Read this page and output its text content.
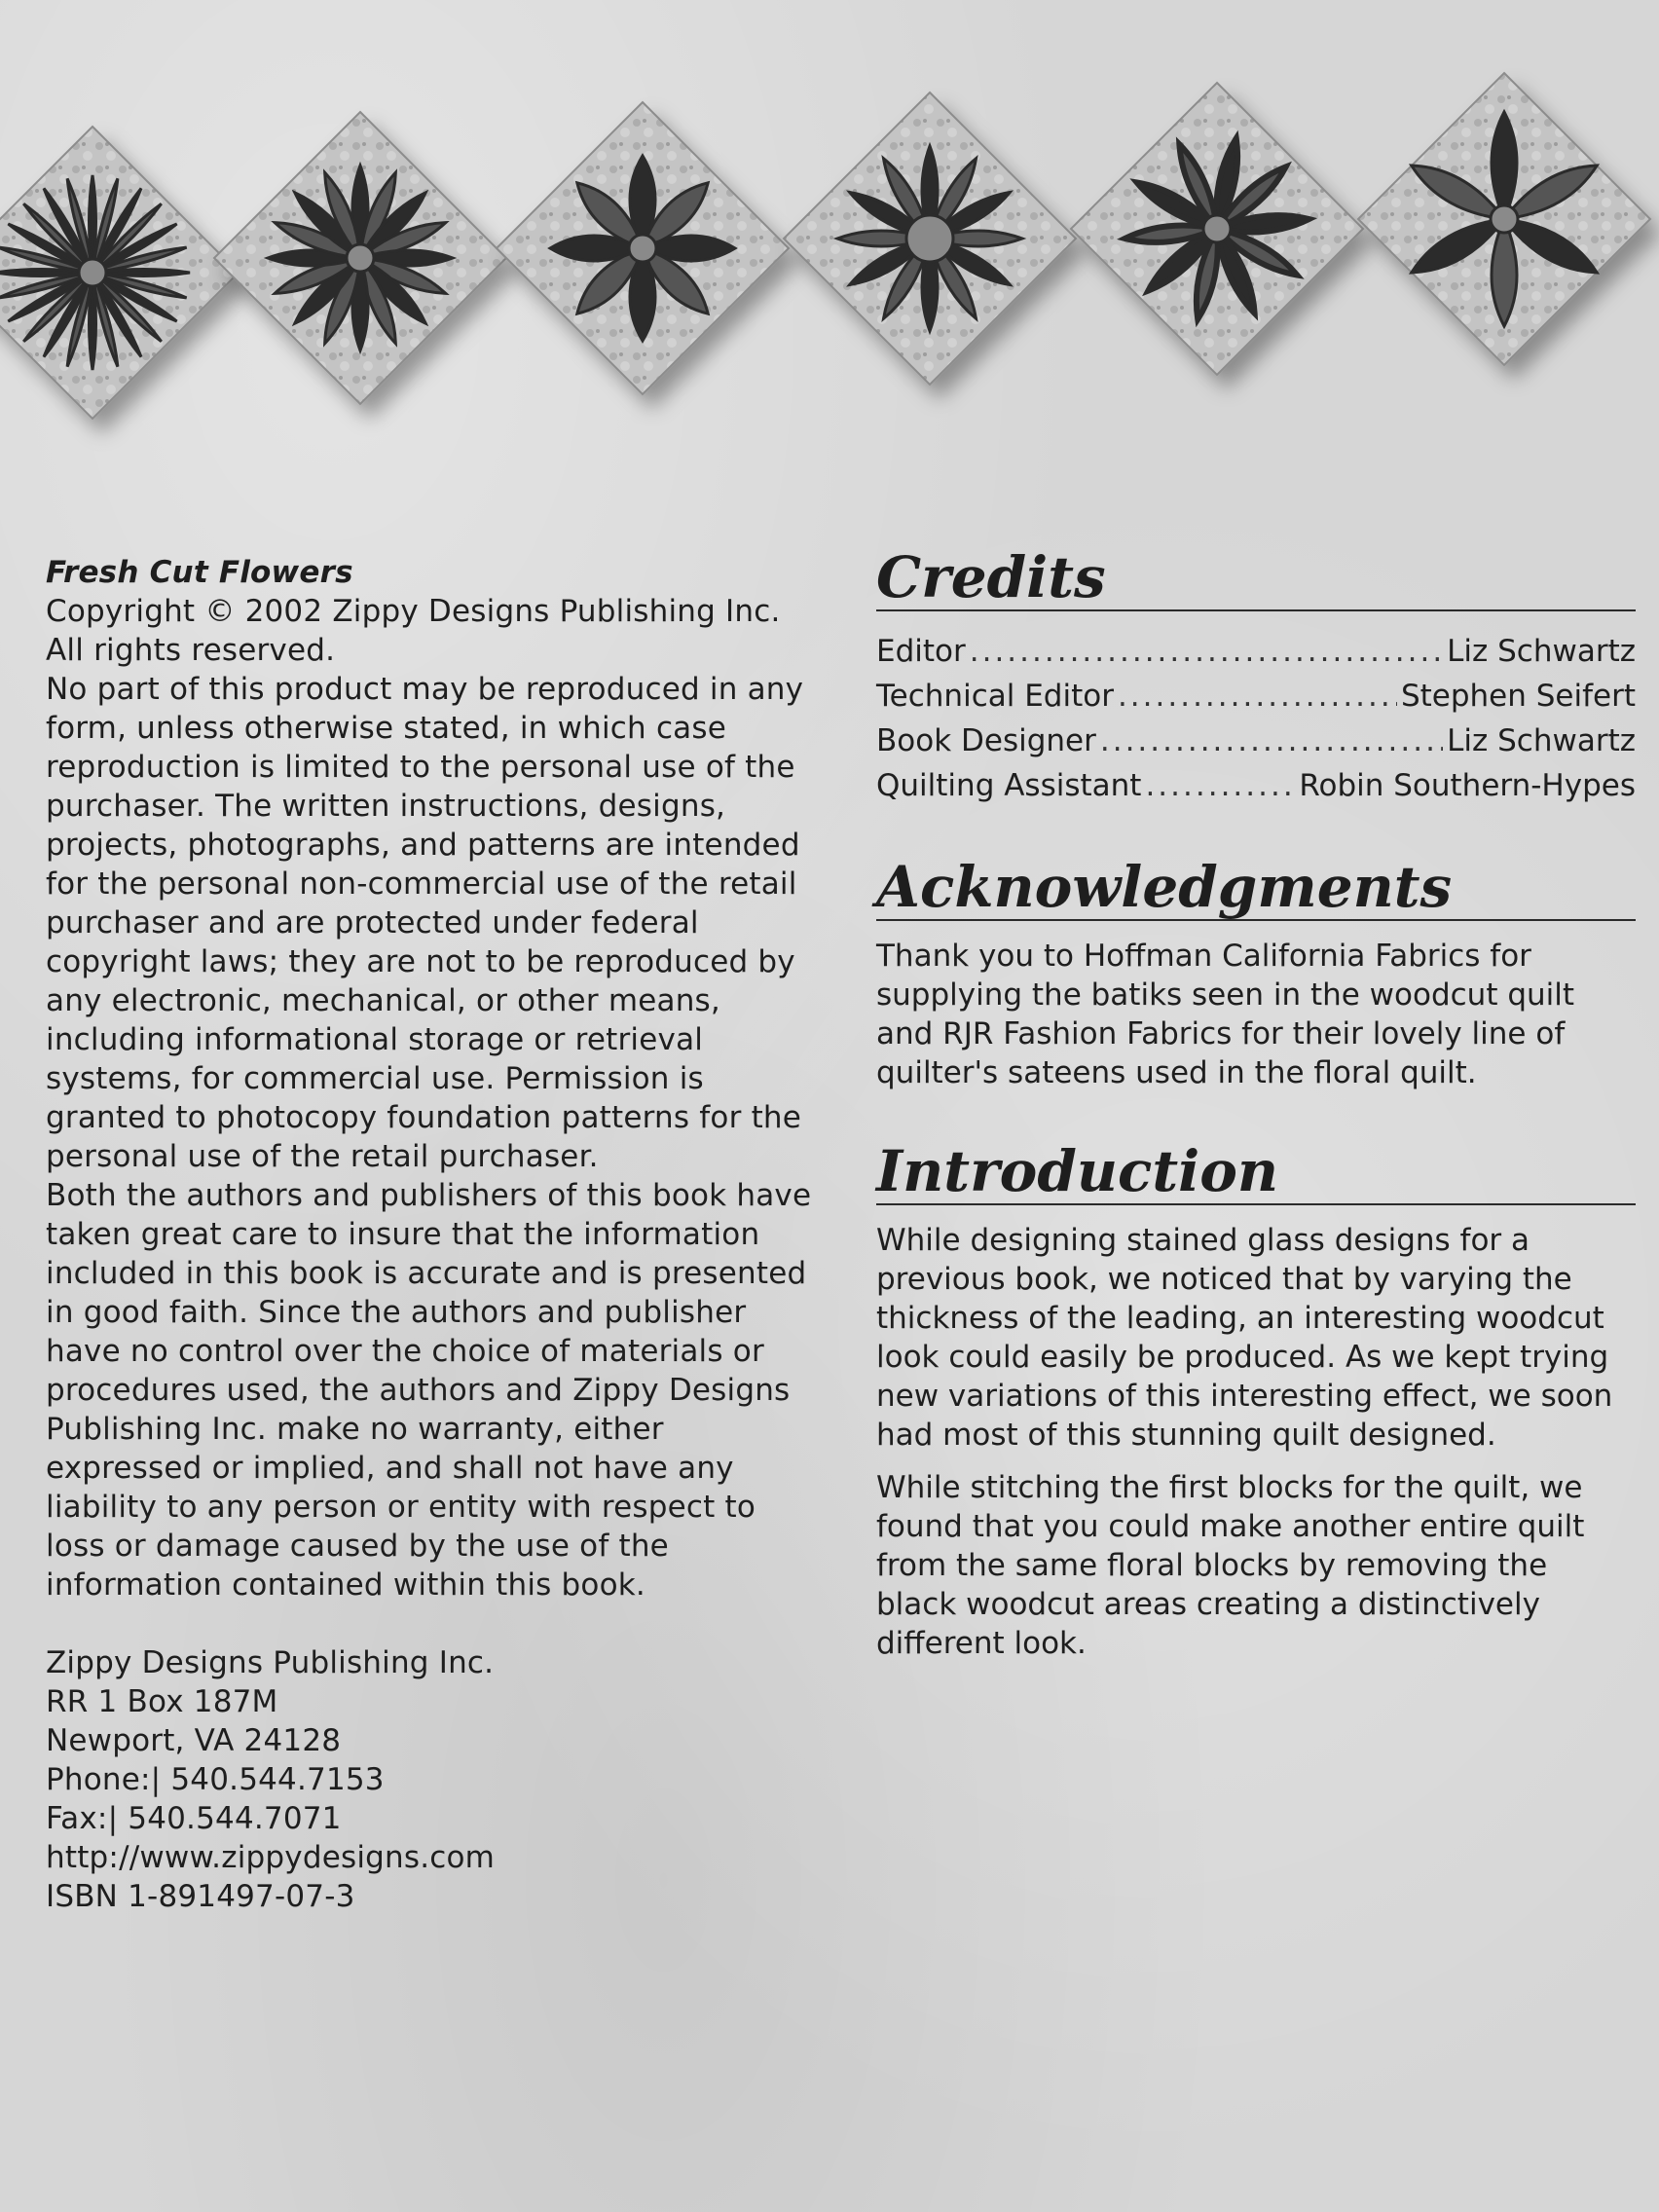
Fresh Cut Flowers

Copyright © 2002 Zippy Designs Publishing Inc.

All rights reserved.

No part of this product may be reproduced in any form, unless otherwise stated, in which case reproduction is limited to the personal use of the purchaser. The written instructions, designs, projects, photographs, and patterns are intended for the personal non-commercial use of the retail purchaser and are protected under federal copyright laws; they are not to be reproduced by any electronic, mechanical, or other means, including informational storage or retrieval systems, for commercial use. Permission is granted to photocopy foundation patterns for the personal use of the retail purchaser.

Both the authors and publishers of this book have taken great care to insure that the information included in this book is accurate and is presented in good faith. Since the authors and publisher have no control over the choice of materials or procedures used, the authors and Zippy Designs Publishing Inc. make no warranty, either expressed or implied, and shall not have any liability to any person or entity with respect to loss or damage caused by the use of the information contained within this book.

Zippy Designs Publishing Inc.

RR 1 Box 187M

Newport, VA 24128

Phone:| 540.544.7153

Fax:| 540.544.7071

http://www.zippydesigns.com

ISBN 1-891497-07-3

Credits
Editor .....	Liz Schwartz
Technical Editor .....	Stephen Seifert
Book Designer .....	Liz Schwartz
Quilting Assistant .....	Robin Southern-Hypes
Acknowledgments

Thank you to Hoffman California Fabrics for supplying the batiks seen in the woodcut quilt and RJR Fashion Fabrics for their lovely line of quilter's sateens used in the floral quilt.

Introduction

While designing stained glass designs for a previous book, we noticed that by varying the thickness of the leading, an interesting woodcut look could easily be produced. As we kept trying new variations of this interesting effect, we soon had most of this stunning quilt designed.

While stitching the first blocks for the quilt, we found that you could make another entire quilt from the same floral blocks by removing the black woodcut areas creating a distinctively different look.
